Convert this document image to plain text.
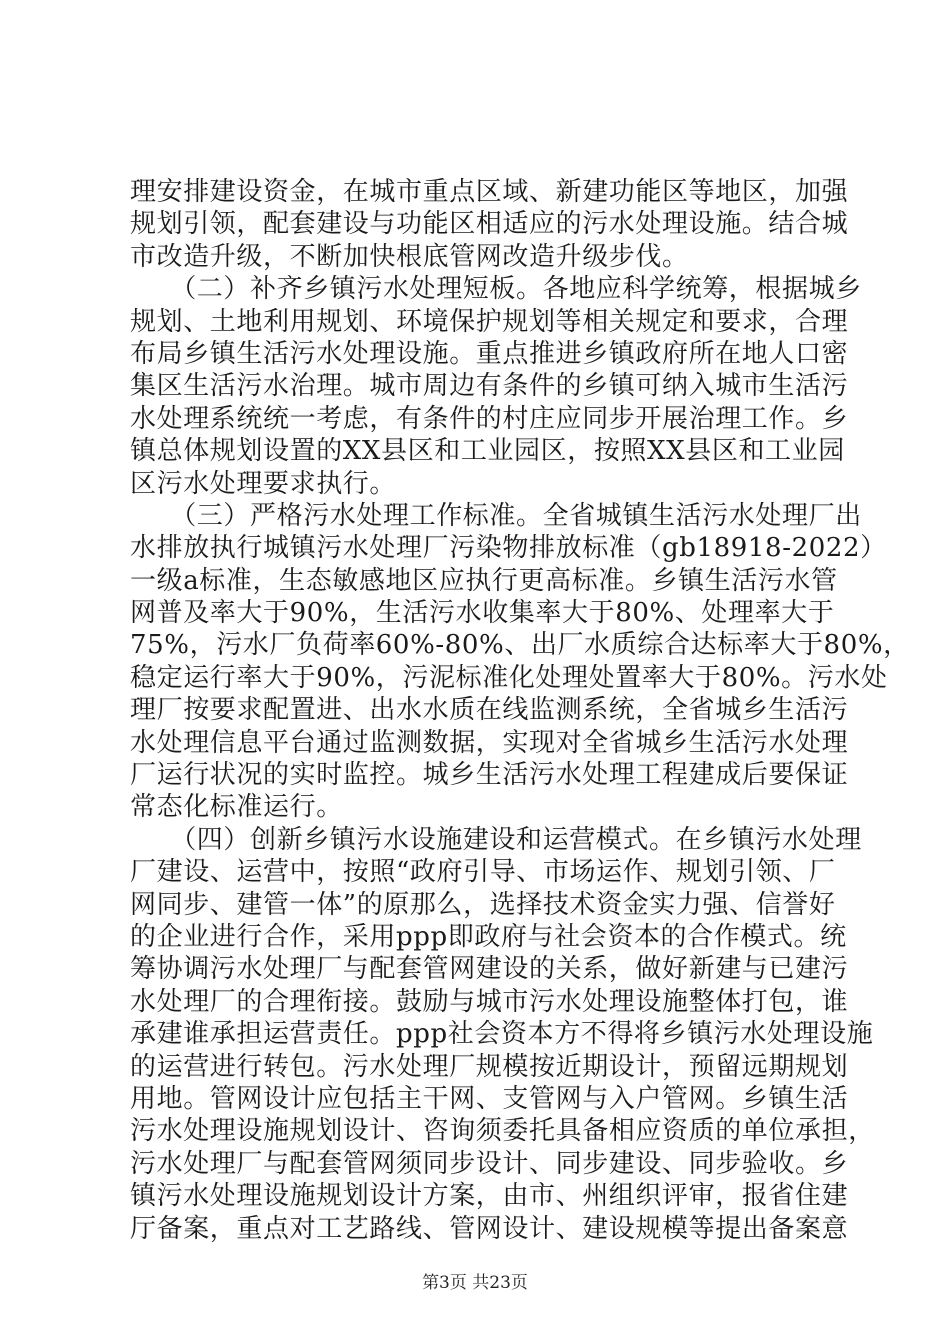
理安排建设资金，在城市重点区域、新建功能区等地区，加强
规划引领，配套建设与功能区相适应的污水处理设施。结合城
市改造升级，不断加快根底管网改造升级步伐。
　　（二）补齐乡镇污水处理短板。各地应科学统筹，根据城乡
规划、土地利用规划、环境保护规划等相关规定和要求，合理
布局乡镇生活污水处理设施。重点推进乡镇政府所在地人口密
集区生活污水治理。城市周边有条件的乡镇可纳入城市生活污
水处理系统统一考虑，有条件的村庄应同步开展治理工作。乡
镇总体规划设置的XX县区和工业园区，按照XX县区和工业园
区污水处理要求执行。
　　（三）严格污水处理工作标准。全省城镇生活污水处理厂出
水排放执行城镇污水处理厂污染物排放标准（gb18918-2022）
一级a标准，生态敏感地区应执行更高标准。乡镇生活污水管
网普及率大于90%，生活污水收集率大于80%、处理率大于
75%，污水厂负荷率60%-80%、出厂水质综合达标率大于80%，
稳定运行率大于90%，污泥标准化处理处置率大于80%。污水处
理厂按要求配置进、出水水质在线监测系统，全省城乡生活污
水处理信息平台通过监测数据，实现对全省城乡生活污水处理
厂运行状况的实时监控。城乡生活污水处理工程建成后要保证
常态化标准运行。
　　（四）创新乡镇污水设施建设和运营模式。在乡镇污水处理
厂建设、运营中，按照“政府引导、市场运作、规划引领、厂
网同步、建管一体”的原那么，选择技术资金实力强、信誉好
的企业进行合作，采用ppp即政府与社会资本的合作模式。统
筹协调污水处理厂与配套管网建设的关系，做好新建与已建污
水处理厂的合理衔接。鼓励与城市污水处理设施整体打包，谁
承建谁承担运营责任。ppp社会资本方不得将乡镇污水处理设施
的运营进行转包。污水处理厂规模按近期设计，预留远期规划
用地。管网设计应包括主干网、支管网与入户管网。乡镇生活
污水处理设施规划设计、咨询须委托具备相应资质的单位承担，
污水处理厂与配套管网须同步设计、同步建设、同步验收。乡
镇污水处理设施规划设计方案，由市、州组织评审，报省住建
厅备案，重点对工艺路线、管网设计、建设规模等提出备案意
第3页 共23页
